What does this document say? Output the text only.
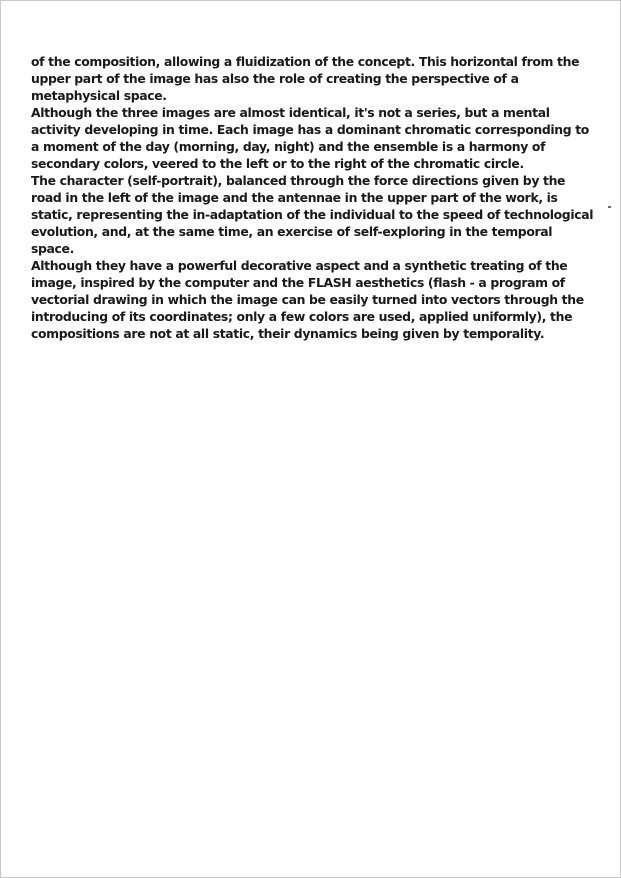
of the composition, allowing a fluidization of the concept. This horizontal from the upper part of the image has also the role of creating the perspective of a metaphysical space.

Although the three images are almost identical, it's not a series, but a mental activity developing in time. Each image has a dominant chromatic corresponding to a moment of the day (morning, day, night) and the ensemble is a harmony of secondary colors, veered to the left or to the right of the chromatic circle.

The character (self-portrait), balanced through the force directions given by the road in the left of the image and the antennae in the upper part of the work, is static, representing the in-adaptation of the individual to the speed of technological evolution, and, at the same time, an exercise of self-exploring in the temporal space.

Although they have a powerful decorative aspect and a synthetic treating of the image, inspired by the computer and the FLASH aesthetics (flash - a program of vectorial drawing in which the image can be easily turned into vectors through the introducing of its coordinates; only a few colors are used, applied uniformly), the compositions are not at all static, their dynamics being given by temporality.
